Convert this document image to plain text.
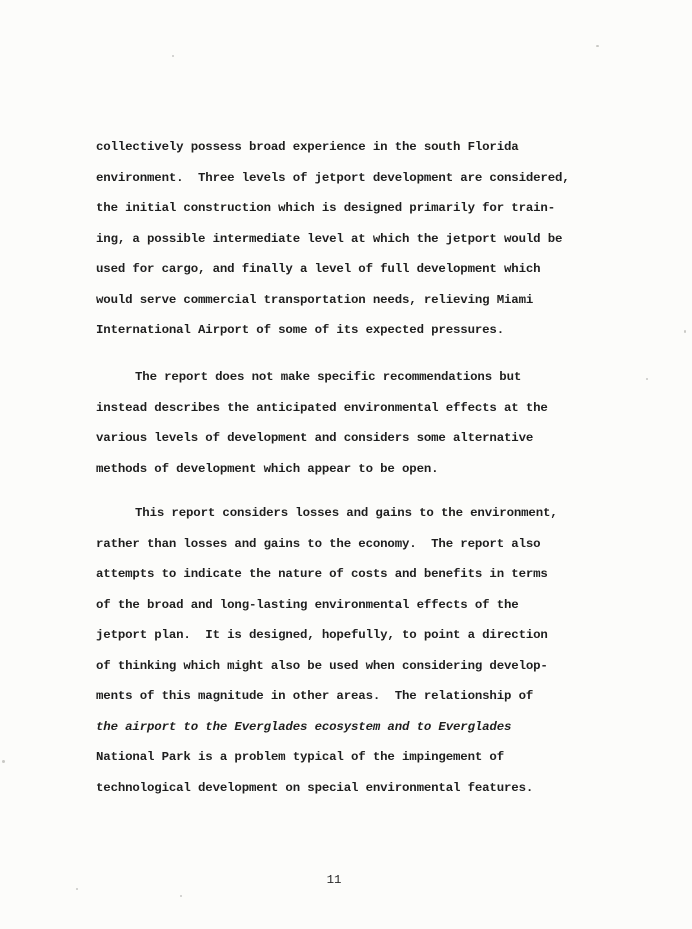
collectively possess broad experience in the south Florida
environment.  Three levels of jetport development are considered,
the initial construction which is designed primarily for train-
ing, a possible intermediate level at which the jetport would be
used for cargo, and finally a level of full development which
would serve commercial transportation needs, relieving Miami
International Airport of some of its expected pressures.
The report does not make specific recommendations but
instead describes the anticipated environmental effects at the
various levels of development and considers some alternative
methods of development which appear to be open.
This report considers losses and gains to the environment,
rather than losses and gains to the economy.  The report also
attempts to indicate the nature of costs and benefits in terms
of the broad and long-lasting environmental effects of the
jetport plan.  It is designed, hopefully, to point a direction
of thinking which might also be used when considering develop-
ments of this magnitude in other areas.  The relationship of
the airport to the Everglades ecosystem and to Everglades
National Park is a problem typical of the impingement of
technological development on special environmental features.
11
